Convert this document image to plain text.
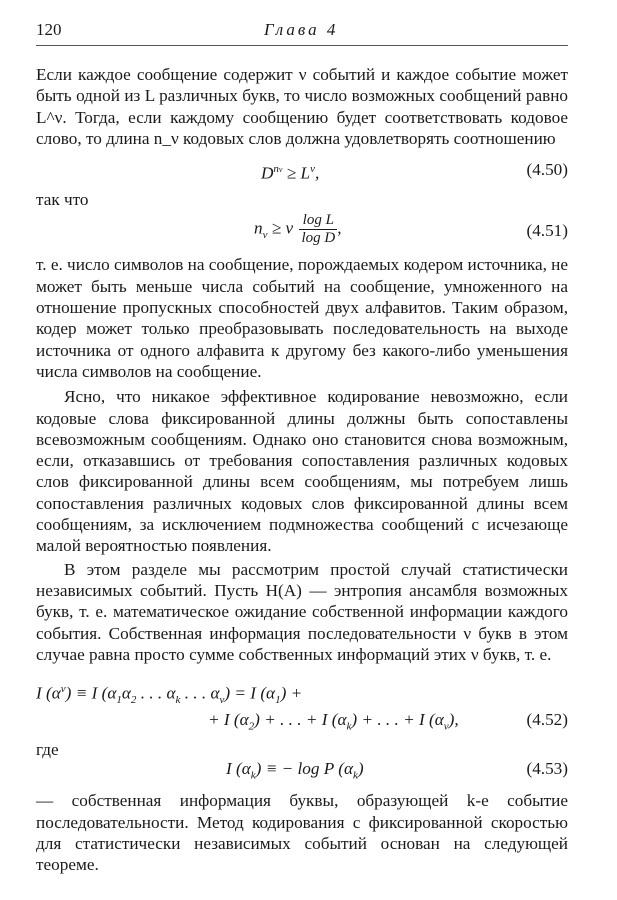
120	Глава 4

Если каждое сообщение содержит ν событий и каждое событие может быть одной из L различных букв, то число возможных сообщений равно L^ν. Тогда, если каждому сообщению будет соответствовать кодовое слово, то длина n_ν кодовых слов должна удовлетворять соотношению

$D^{n\nu} \ge L^\nu$,	(4.50)

так что

$n_\nu \ge \nu \frac{\text{log L}}{\text{log D}}$ ,	(4.51)

т. е. число символов на сообщение, порождаемых кодером источника, не может быть меньше числа событий на сообщение, умноженного на отношение пропускных способностей двух алфавитов. Таким образом, кодер может только преобразовывать последовательность на выходе источника от одного алфавита к другому без какого-либо уменьшения числа символов на сообщение.

Ясно, что никакое эффективное кодирование невозможно, если кодовые слова фиксированной длины должны быть сопоставлены всевозможным сообщениям. Однако оно становится снова возможным, если, отказавшись от требования сопоставления различных кодовых слов фиксированной длины всем сообщениям, мы потребуем лишь сопоставления различных кодовых слов фиксированной длины всем сообщениям, за исключением подмножества сообщений с исчезающе малой вероятностью появления.

В этом разделе мы рассмотрим простой случай статистически независимых событий. Пусть H(A) — энтропия ансамбля возможных букв, т. е. математическое ожидание собственной информации каждого события. Собственная информация последовательности ν букв в этом случае равна просто сумме собственных информаций этих ν букв, т. е.

I $(\alpha^\nu) \equiv I$ ($\alpha_1\alpha_2$ . . . $\alpha_k$ . . . $\alpha_\nu) = I$ $(\alpha_1)$ +
+ I $(\alpha_2)$ + . . . + I $(\alpha_k)$ + . . . + I $(\alpha_\nu)$,	(4.52)

где

I $(\alpha_k)$ ≡ − log P $(\alpha_k)$	(4.53)

— собственная информация буквы, образующей k-е событие последовательности. Метод кодирования с фиксированной скоростью для статистически независимых событий основан на следующей теореме.
